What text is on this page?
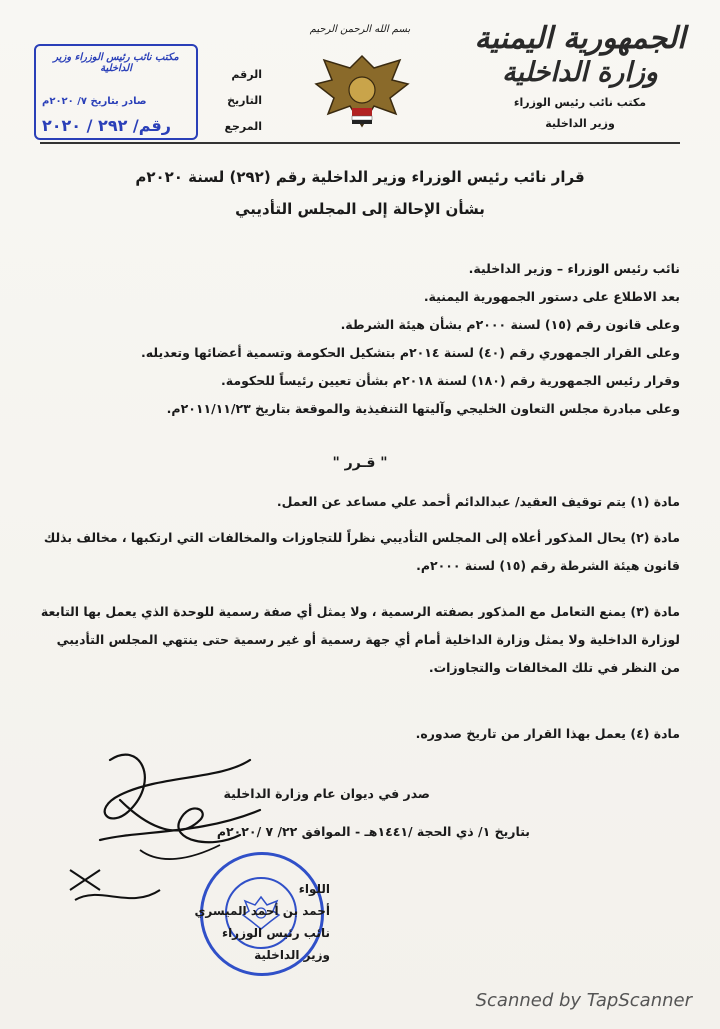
الجمهورية اليمنية
وزارة الداخلية
مكتب نائب رئيس الوزراء
وزير الداخلية
بسم الله الرحمن الرحيم
مكتب نائب رئيس الوزراء وزير الداخلية
صادر بتاريخ ٧/ ٢٠٢٠م
رقم/ ٢٩٢ / ٢٠٢٠
الرقم
التاريخ
المرجع
قرار نائب رئيس الوزراء وزير الداخلية رقم (٢٩٢) لسنة ٢٠٢٠م
بشأن الإحالة إلى المجلس التأديبي
نائب رئيس الوزراء – وزير الداخلية.
بعد الاطلاع على دستور الجمهورية اليمنية.
وعلى قانون رقم (١٥) لسنة ٢٠٠٠م بشأن هيئة الشرطة.
وعلى القرار الجمهوري رقم (٤٠) لسنة ٢٠١٤م بتشكيل الحكومة وتسمية أعضائها وتعديله.
وقرار رئيس الجمهورية رقم (١٨٠) لسنة ٢٠١٨م بشأن تعيين رئيساً للحكومة.
وعلى مبادرة مجلس التعاون الخليجي وآليتها التنفيذية والموقعة بتاريخ ٢٠١١/١١/٢٣م.
" قـرر "
مادة (١) يتم توقيف العقيد/ عبدالدائم أحمد علي مساعد عن العمل.
مادة (٢) يحال المذكور أعلاه إلى المجلس التأديبي نظراً للتجاوزات والمخالفات التي ارتكبها ، مخالف بذلك قانون هيئة الشرطة رقم (١٥) لسنة ٢٠٠٠م.
مادة (٣) يمنع التعامل مع المذكور بصفته الرسمية ، ولا يمثل أي صفة رسمية للوحدة الذي يعمل بها التابعة لوزارة الداخلية ولا يمثل وزارة الداخلية أمام أي جهة رسمية أو غير رسمية حتى ينتهي المجلس التأديبي من النظر في تلك المخالفات والتجاوزات.
مادة (٤) يعمل بهذا القرار من تاريخ صدوره.
صدر في ديوان عام وزارة الداخلية
بتاريخ ١/ ذي الحجة /١٤٤١هـ - الموافق ٢٢/ ٧ /٢٠٢٠م
اللواء
أحمد بن أحمد الميسري
نائب رئيس الوزراء
وزير الداخلية
Scanned by TapScanner
